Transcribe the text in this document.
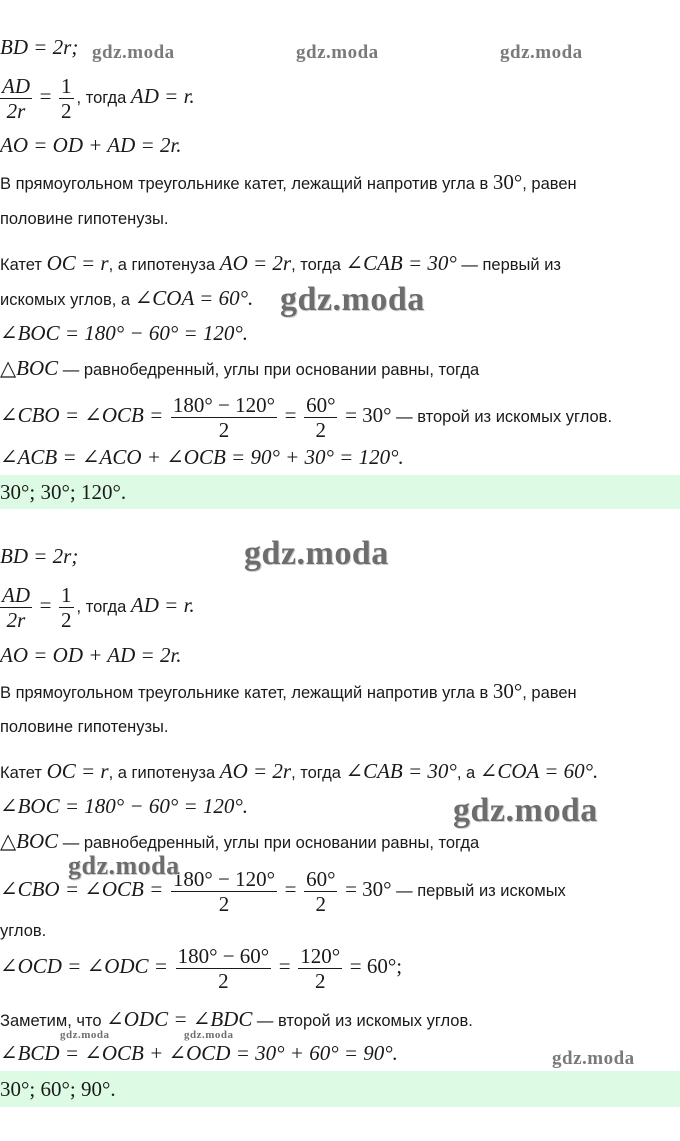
BD = 2r;
$\frac{AD}{2r} = \frac{1}{2}$ , тогда AD = r.
AO = OD + AD = 2r.
В прямоугольном треугольнике катет, лежащий напротив угла в 30°, равен
половине гипотенузы.
Катет OC = r, а гипотенуза AO = 2r, тогда ∠CAB = 30° — первый из
искомых углов, а ∠COA = 60°.
∠BOC = 180° − 60° = 120°.
△BOC — равнобедренный, углы при основании равны, тогда
∠CBO = ∠OCB = $\frac{180^\circ - 120^\circ}{2} = \frac{60^\circ}{2} = 30^\circ$ — второй из искомых углов.
∠ACB = ∠ACO + ∠OCB = 90° + 30° = 120°.
30°; 30°; 120°.
BD = 2r;
$\frac{AD}{2r} = \frac{1}{2}$ , тогда AD = r.
AO = OD + AD = 2r.
В прямоугольном треугольнике катет, лежащий напротив угла в 30°, равен
половине гипотенузы.
Катет OC = r, а гипотенуза AO = 2r, тогда ∠CAB = 30°, а ∠COA = 60°.
∠BOC = 180° − 60° = 120°.
△BOC — равнобедренный, углы при основании равны, тогда
∠CBO = ∠OCB = $\frac{180^\circ - 120^\circ}{2} = \frac{60^\circ}{2} = 30^\circ$ — первый из искомых
углов.
∠OCD = ∠ODC = $\frac{180^\circ - 60^\circ}{2} = \frac{120^\circ}{2} = 60^\circ$;
Заметим, что ∠ODC = ∠BDC — второй из искомых углов.
∠BCD = ∠OCB + ∠OCD = 30° + 60° = 90°.
30°; 60°; 90°.
gdz.moda	gdz.moda	gdz.moda
gdz.moda
gdz.moda
gdz.moda
gdz.moda
gdz.moda	gdz.moda
gdz.moda
